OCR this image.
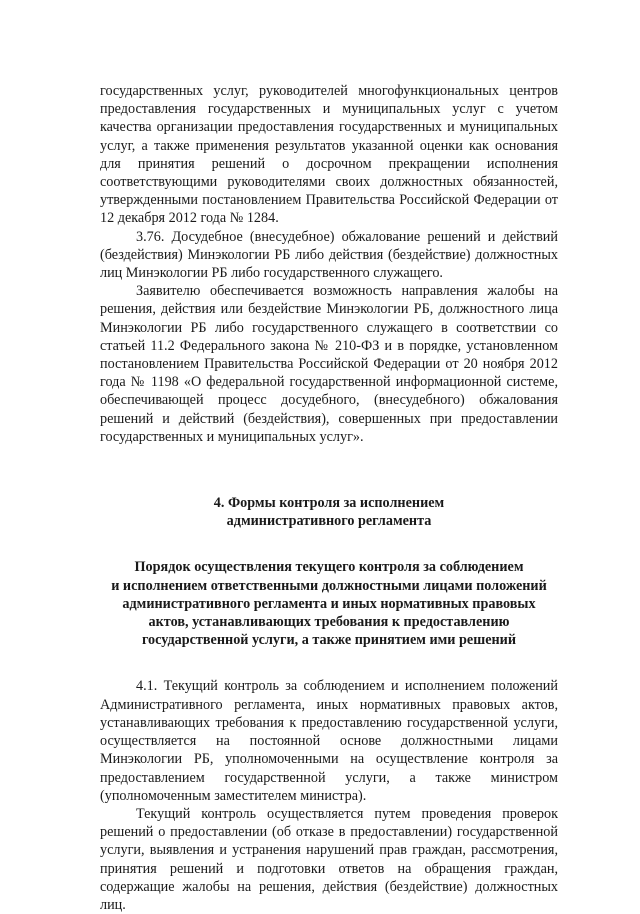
государственных услуг, руководителей многофункциональных центров предоставления государственных и муниципальных услуг с учетом качества организации предоставления государственных и муниципальных услуг, а также применения результатов указанной оценки как основания для принятия решений о досрочном прекращении исполнения соответствующими руководителями своих должностных обязанностей, утвержденными постановлением Правительства Российской Федерации от 12 декабря 2012 года № 1284.

3.76. Досудебное (внесудебное) обжалование решений и действий (бездействия) Минэкологии РБ либо действия (бездействие) должностных лиц Минэкологии РБ либо государственного служащего.

Заявителю обеспечивается возможность направления жалобы на решения, действия или бездействие Минэкологии РБ, должностного лица Минэкологии РБ либо государственного служащего в соответствии со статьей 11.2 Федерального закона № 210-ФЗ и в порядке, установленном постановлением Правительства Российской Федерации от 20 ноября 2012 года № 1198 «О федеральной государственной информационной системе, обеспечивающей процесс досудебного, (внесудебного) обжалования решений и действий (бездействия), совершенных при предоставлении государственных и муниципальных услуг».

4. Формы контроля за исполнением
административного регламента
Порядок осуществления текущего контроля за соблюдением
и исполнением ответственными должностными лицами положений
административного регламента и иных нормативных правовых
актов, устанавливающих требования к предоставлению
государственной услуги, а также принятием ими решений

4.1. Текущий контроль за соблюдением и исполнением положений Административного регламента, иных нормативных правовых актов, устанавливающих требования к предоставлению государственной услуги, осуществляется на постоянной основе должностными лицами Минэкологии РБ, уполномоченными на осуществление контроля за предоставлением государственной услуги, а также министром (уполномоченным заместителем министра).

Текущий контроль осуществляется путем проведения проверок решений о предоставлении (об отказе в предоставлении) государственной услуги, выявления и устранения нарушений прав граждан, рассмотрения, принятия решений и подготовки ответов на обращения граждан, содержащие жалобы на решения, действия (бездействие) должностных лиц.
